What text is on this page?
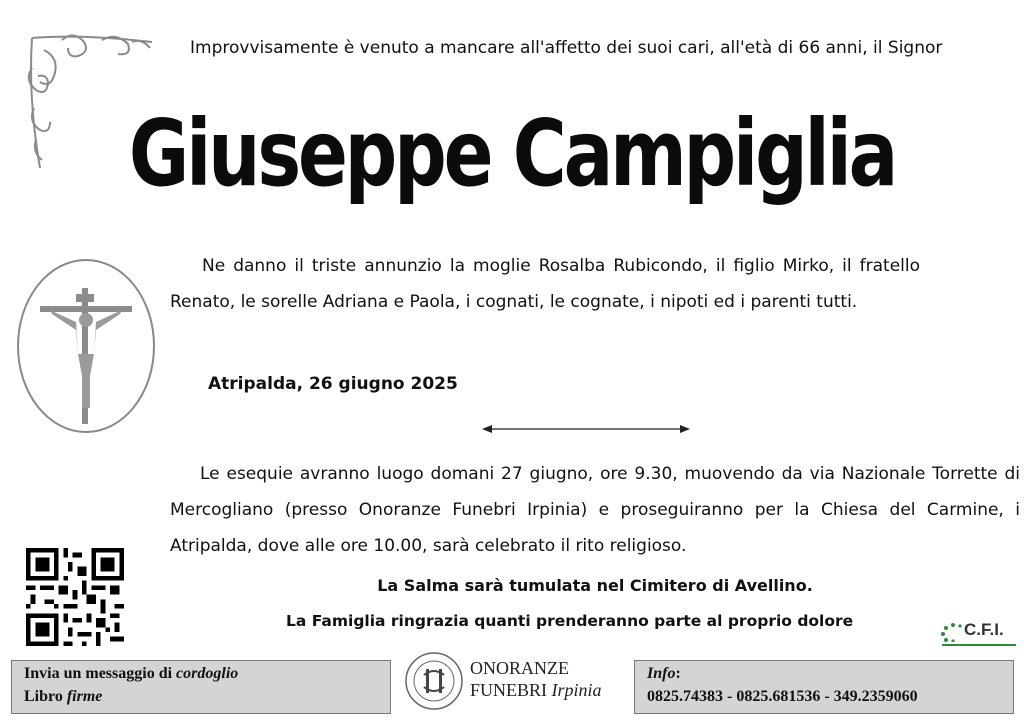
Improvvisamente è venuto a mancare all'affetto dei suoi cari, all'età di 66 anni, il Signor
Giuseppe Campiglia
Ne danno il triste annunzio la moglie Rosalba Rubicondo, il figlio Mirko, il fratello Renato, le sorelle Adriana e Paola, i cognati, le cognate, i nipoti ed i parenti tutti.
Atripalda, 26 giugno 2025
Le esequie avranno luogo domani 27 giugno, ore 9.30, muovendo da via Nazionale Torrette di Mercogliano (presso Onoranze Funebri Irpinia) e proseguiranno per la Chiesa del Carmine, i Atripalda, dove alle ore 10.00, sarà celebrato il rito religioso.
La Salma sarà tumulata nel Cimitero di Avellino.
La Famiglia ringrazia quanti prenderanno parte al proprio dolore	C.F.I.
Invia un messaggio di cordoglio
Libro firme
ONORANZE
FUNEBRI Irpinia
Info:
0825.74383 - 0825.681536 - 349.2359060
